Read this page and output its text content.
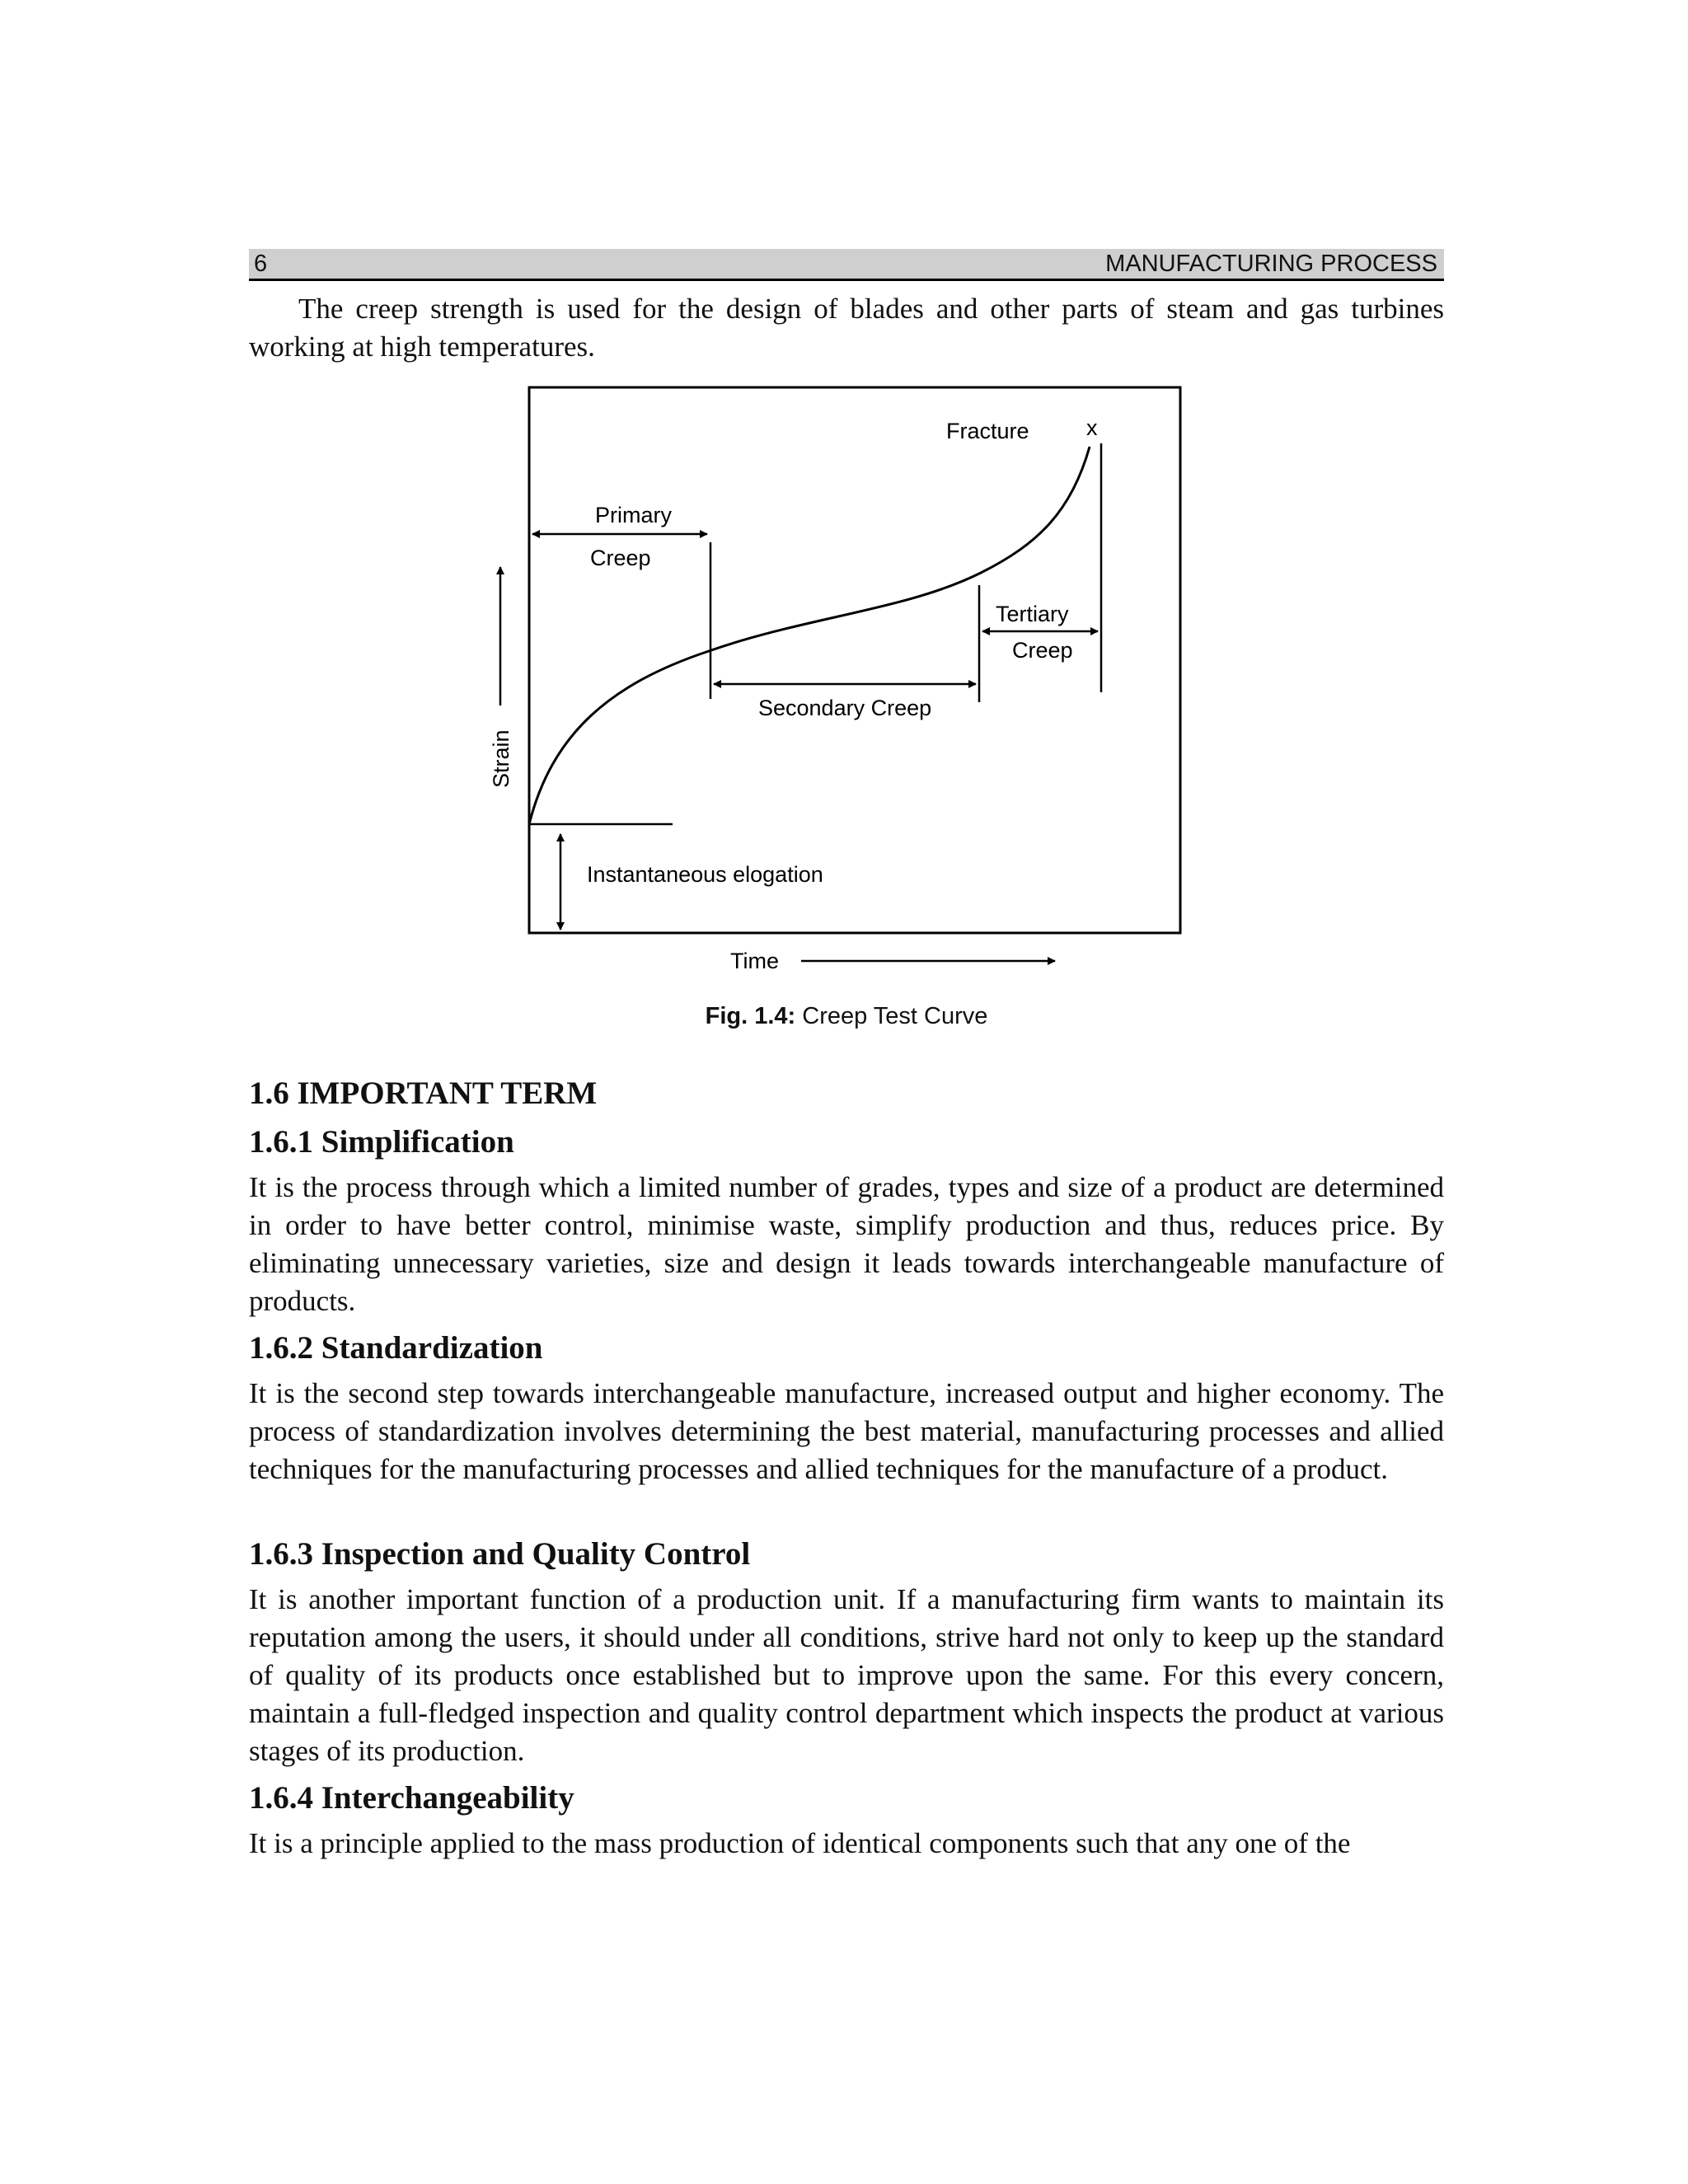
6	MANUFACTURING PROCESS

The creep strength is used for the design of blades and other parts of steam and gas turbines working at high temperatures.

Fracture	x
Primary
Creep
Tertiary
Creep
Secondary Creep
Instantaneous elogation
Strain
Time
Fig. 1.4: Creep Test Curve
1.6 IMPORTANT TERM
1.6.1 Simplification

It is the process through which a limited number of grades, types and size of a product are determined in order to have better control, minimise waste, simplify production and thus, reduces price. By eliminating unnecessary varieties, size and design it leads towards interchangeable manufacture of products.

1.6.2 Standardization

It is the second step towards interchangeable manufacture, increased output and higher economy. The process of standardization involves determining the best material, manufacturing processes and allied techniques for the manufacturing processes and allied techniques for the manufacture of a product.

1.6.3 Inspection and Quality Control

It is another important function of a production unit. If a manufacturing firm wants to maintain its reputation among the users, it should under all conditions, strive hard not only to keep up the standard of quality of its products once established but to improve upon the same. For this every concern, maintain a full-fledged inspection and quality control department which inspects the product at various stages of its production.

1.6.4 Interchangeability

It is a principle applied to the mass production of identical components such that any one of the
